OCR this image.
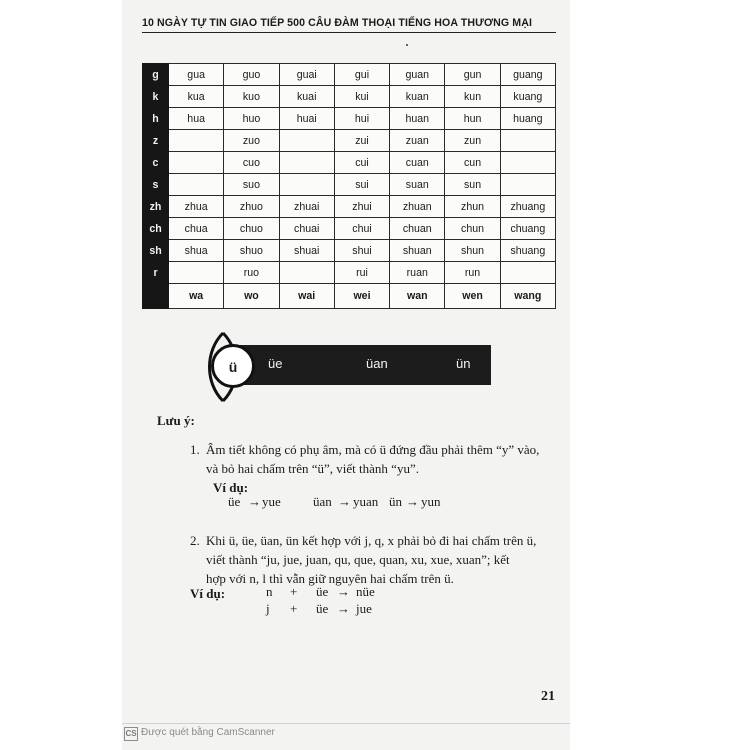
10 NGÀY TỰ TIN GIAO TIẾP 500 CÂU ĐÀM THOẠI TIẾNG HOA THƯƠNG MẠI
g	gua	guo	guai	gui	guan	gun	guang
k	kua	kuo	kuai	kui	kuan	kun	kuang
h	hua	huo	huai	hui	huan	hun	huang
z		zuo		zui	zuan	zun	
c		cuo		cui	cuan	cun	
s		suo		sui	suan	sun	
zh	zhua	zhuo	zhuai	zhui	zhuan	zhun	zhuang
ch	chua	chuo	chuai	chui	chuan	chun	chuang
sh	shua	shuo	shuai	shui	shuan	shun	shuang
r		ruo		rui	ruan	run	
	wa	wo	wai	wei	wan	wen	wang
üe	üan	ün
ü
Lưu ý:
1. Âm tiết không có phụ âm, mà có ü đứng đầu phải thêm “y” vào,
và bỏ hai chấm trên “ü”, viết thành “yu”.
Ví dụ:
üe → yue üan → yuan ün → yun
2. Khi ü, üe, üan, ün kết hợp với j, q, x phải bỏ đi hai chấm trên ü,
viết thành “ju, jue, juan, qu, que, quan, xu, xue, xuan”; kết
hợp với n, l thì vẫn giữ nguyên hai chấm trên ü.
Ví dụ:	n + üe → nüe
j + üe → jue
21
CS Được quét bằng CamScanner
